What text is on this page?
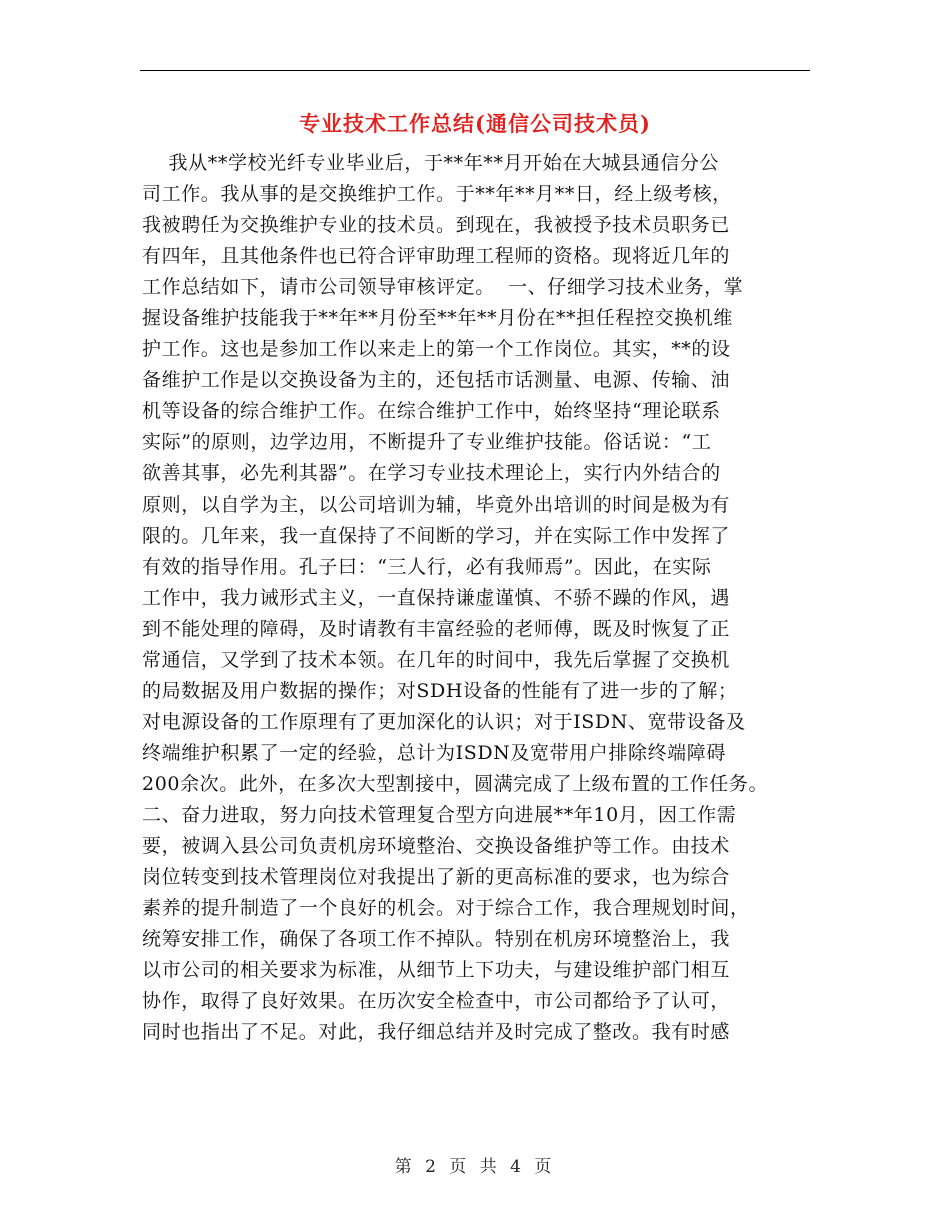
专业技术工作总结(通信公司技术员)
我从**学校光纤专业毕业后，于**年**月开始在大城县通信分公
司工作。我从事的是交换维护工作。于**年**月**日，经上级考核，
我被聘任为交换维护专业的技术员。到现在，我被授予技术员职务已
有四年，且其他条件也已符合评审助理工程师的资格。现将近几年的
工作总结如下，请市公司领导审核评定。  一、仔细学习技术业务，掌
握设备维护技能我于**年**月份至**年**月份在**担任程控交换机维
护工作。这也是参加工作以来走上的第一个工作岗位。其实，**的设
备维护工作是以交换设备为主的，还包括市话测量、电源、传输、油
机等设备的综合维护工作。在综合维护工作中，始终坚持“理论联系
实际”的原则，边学边用，不断提升了专业维护技能。俗话说：“工
欲善其事，必先利其器”。在学习专业技术理论上，实行内外结合的
原则，以自学为主，以公司培训为辅，毕竟外出培训的时间是极为有
限的。几年来，我一直保持了不间断的学习，并在实际工作中发挥了
有效的指导作用。孔子曰：“三人行，必有我师焉”。因此，在实际
工作中，我力诫形式主义，一直保持谦虚谨慎、不骄不躁的作风，遇
到不能处理的障碍，及时请教有丰富经验的老师傅，既及时恢复了正
常通信，又学到了技术本领。在几年的时间中，我先后掌握了交换机
的局数据及用户数据的操作；对SDH设备的性能有了进一步的了解；
对电源设备的工作原理有了更加深化的认识；对于ISDN、宽带设备及
终端维护积累了一定的经验，总计为ISDN及宽带用户排除终端障碍
200余次。此外，在多次大型割接中，圆满完成了上级布置的工作任务。
二、奋力进取，努力向技术管理复合型方向进展**年10月，因工作需
要，被调入县公司负责机房环境整治、交换设备维护等工作。由技术
岗位转变到技术管理岗位对我提出了新的更高标准的要求，也为综合
素养的提升制造了一个良好的机会。对于综合工作，我合理规划时间，
统筹安排工作，确保了各项工作不掉队。特别在机房环境整治上，我
以市公司的相关要求为标准，从细节上下功夫，与建设维护部门相互
协作，取得了良好效果。在历次安全检查中，市公司都给予了认可，
同时也指出了不足。对此，我仔细总结并及时完成了整改。我有时感
第 2 页 共 4 页
